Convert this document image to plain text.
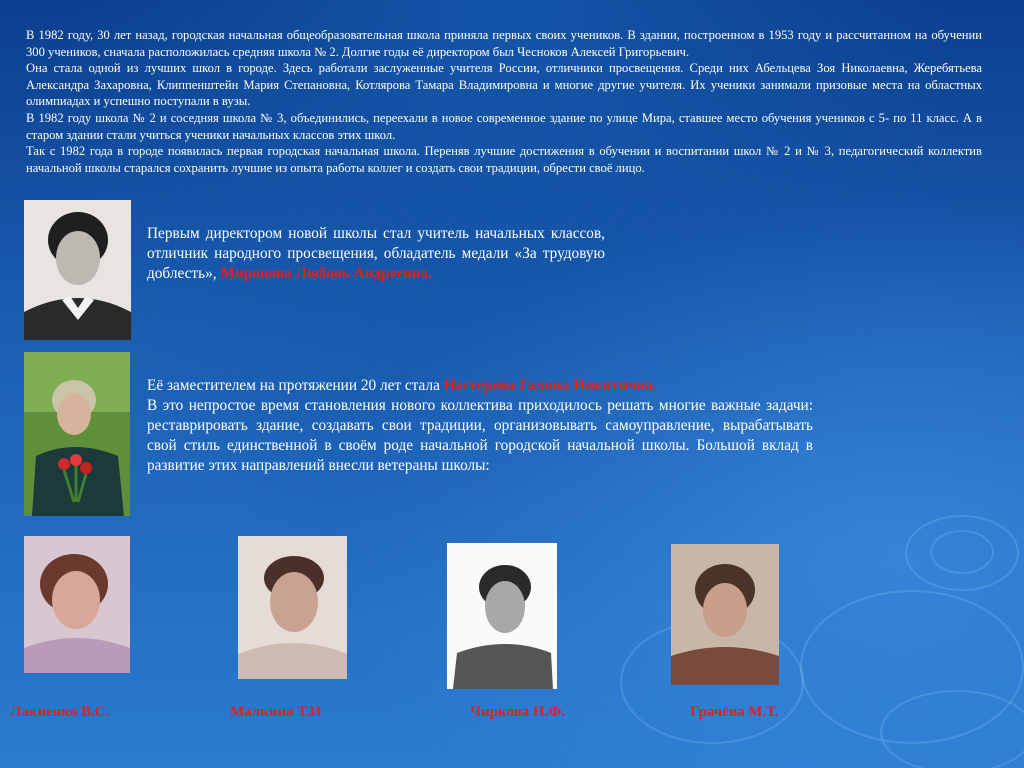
В 1982 году, 30 лет назад, городская начальная общеобразовательная школа приняла первых своих учеников. В здании, построенном в 1953 году и рассчитанном на обучении 300 учеников, сначала расположилась средняя школа № 2. Долгие годы её директором был Чесноков Алексей Григорьевич.

Она стала одной из лучших школ в городе. Здесь работали заслуженные учителя России, отличники просвещения. Среди них Абельцева Зоя Николаевна, Жеребятьева Александра Захаровна, Клиппенштейн Мария Степановна, Котлярова Тамара Владимировна и многие другие учителя. Их ученики занимали призовые места на областных олимпиадах и успешно поступали в вузы.

В 1982 году школа № 2 и соседняя школа № 3, объединились, переехали в новое современное здание по улице Мира, ставшее место обучения учеников с 5- по 11 класс. А в старом здании стали учиться ученики начальных классов этих школ.

Так с 1982 года в городе появилась первая городская начальная школа. Переняв лучшие достижения в обучении и воспитании школ № 2 и № 3, педагогический коллектив начальной школы старался сохранить лучшие из опыта работы коллег и создать свои традиции, обрести своё лицо.

Первым директором новой школы стал учитель начальных классов, отличник народного просвещения, обладатель медали «За трудовую доблесть», Миронова Любовь Андреевна.

Её заместителем на протяжении 20 лет стала Нестерова Галина Никитична.

В это непростое время становления нового коллектива приходилось решать многие важные задачи: реставрировать здание, создавать свои традиции, организовывать самоуправление, вырабатывать свой стиль единственной в своём роде начальной городской начальной школы. Большой вклад в развитие этих направлений внесли ветераны школы:

Лакиенко В.С.	Малкина Т.И	Чиркова Н.Ф.	Грачёва М.Т.
